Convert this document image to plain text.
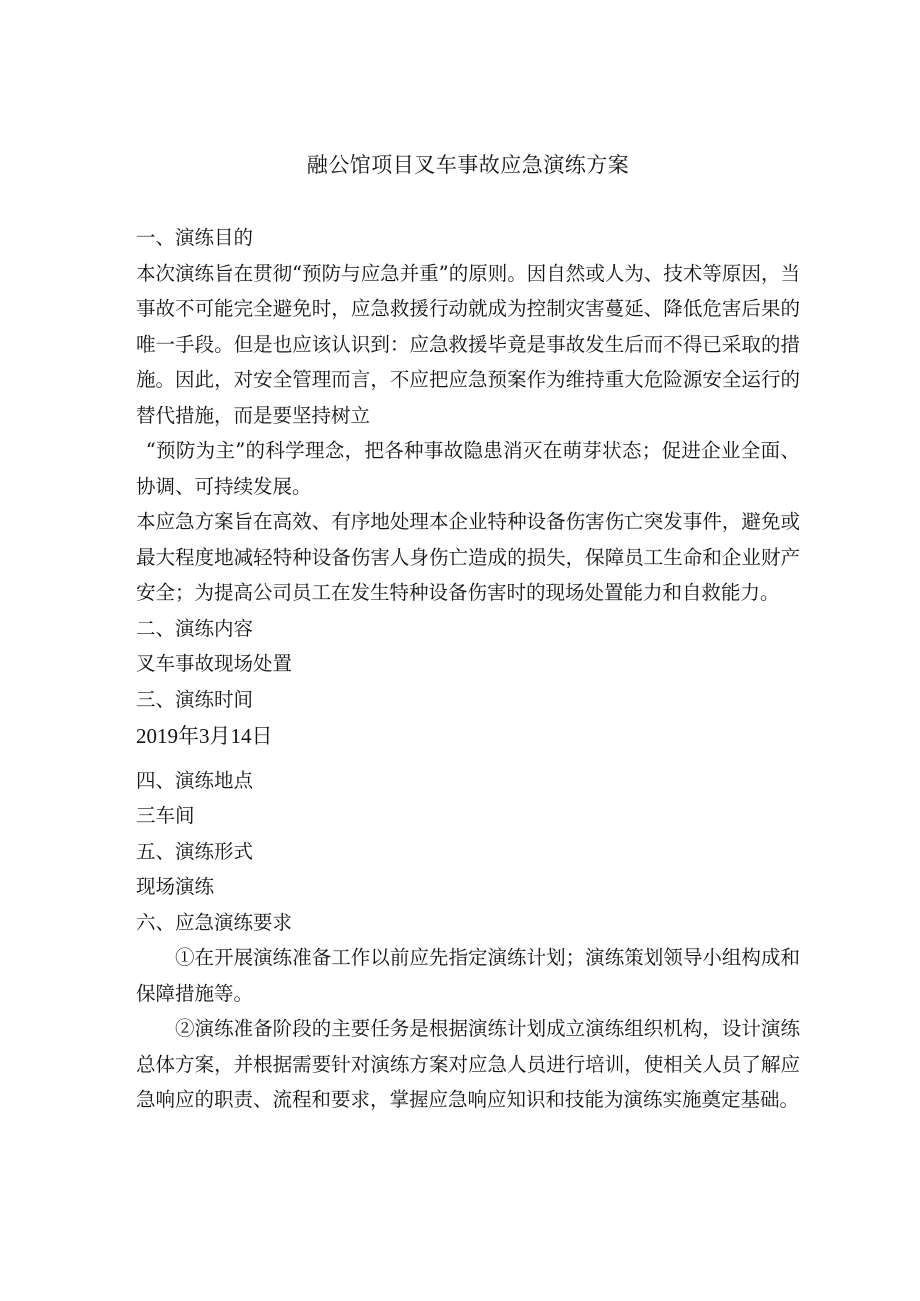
融公馆项目叉车事故应急演练方案

一、演练目的

本次演练旨在贯彻“预防与应急并重”的原则。因自然或人为、技术等原因，当事故不可能完全避免时，应急救援行动就成为控制灾害蔓延、降低危害后果的唯一手段。但是也应该认识到：应急救援毕竟是事故发生后而不得已采取的措施。因此，对安全管理而言，不应把应急预案作为维持重大危险源安全运行的替代措施，而是要坚持树立

“预防为主”的科学理念，把各种事故隐患消灭在萌芽状态；促进企业全面、协调、可持续发展。

本应急方案旨在高效、有序地处理本企业特种设备伤害伤亡突发事件，避免或最大程度地减轻特种设备伤害人身伤亡造成的损失，保障员工生命和企业财产安全；为提高公司员工在发生特种设备伤害时的现场处置能力和自救能力。

二、演练内容

叉车事故现场处置

三、演练时间

2019年3月14日

四、演练地点

三车间

五、演练形式

现场演练

六、应急演练要求

①在开展演练准备工作以前应先指定演练计划；演练策划领导小组构成和保障措施等。

②演练准备阶段的主要任务是根据演练计划成立演练组织机构，设计演练总体方案，并根据需要针对演练方案对应急人员进行培训，使相关人员了解应急响应的职责、流程和要求，掌握应急响应知识和技能为演练实施奠定基础。
